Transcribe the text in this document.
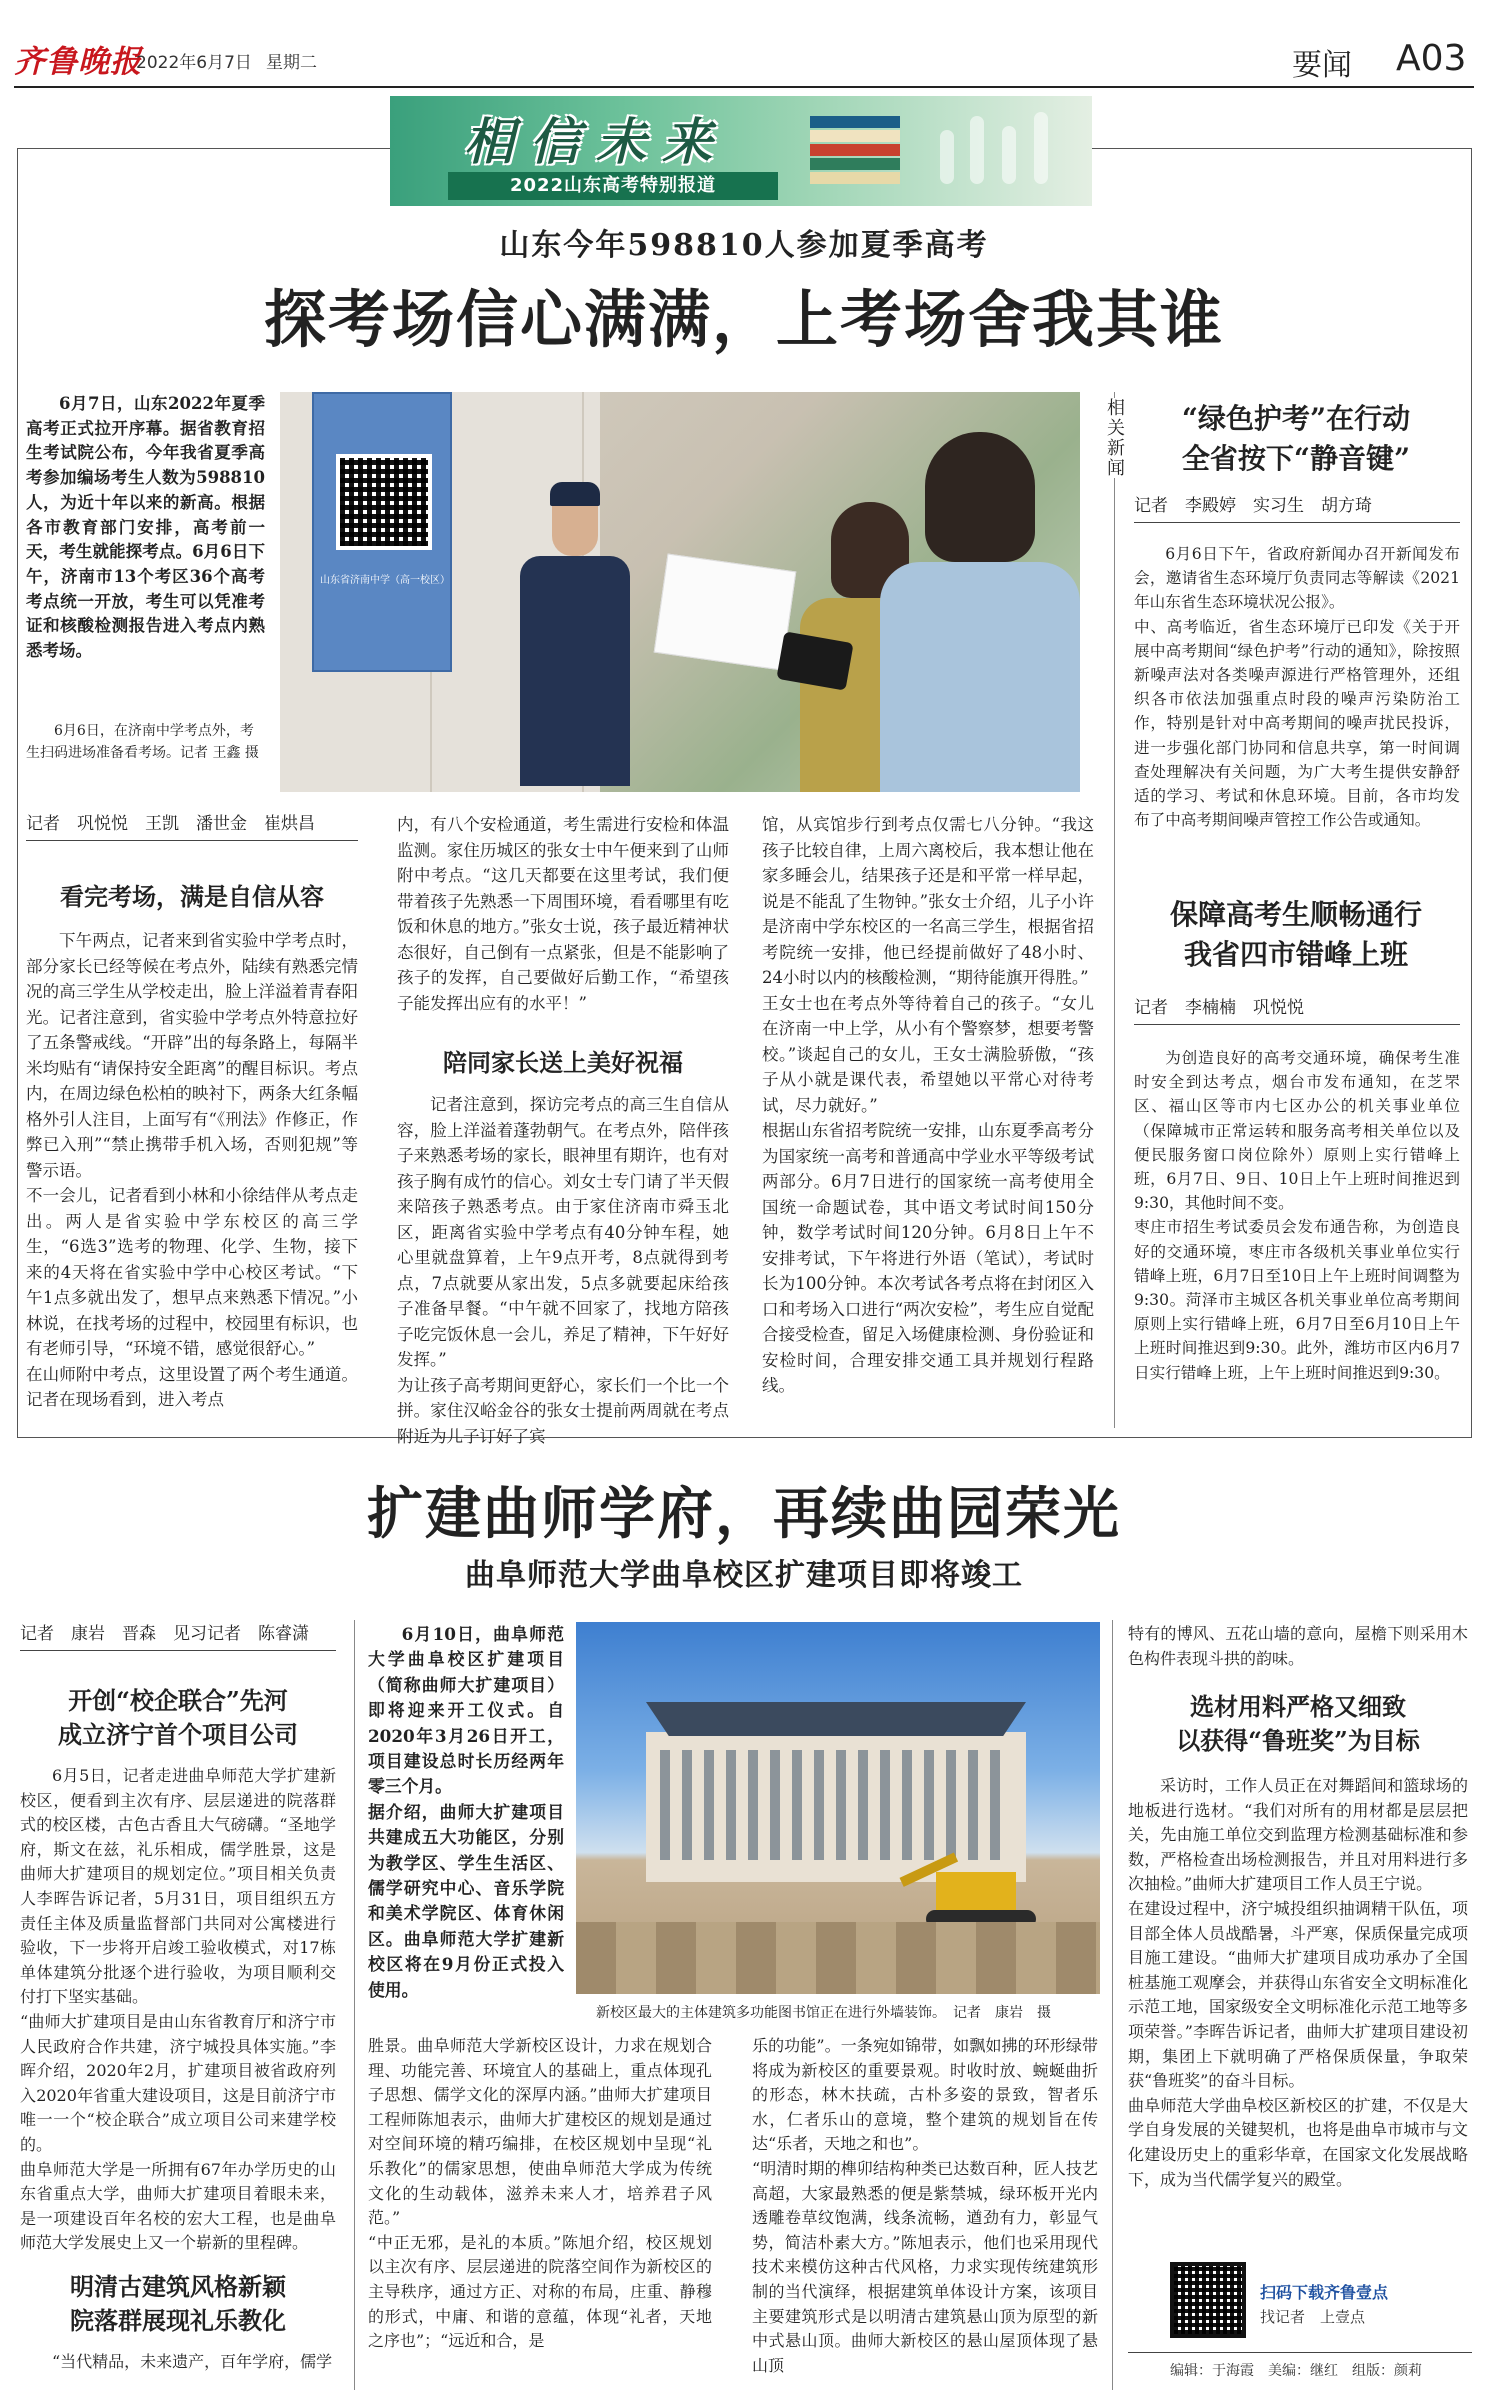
齐鲁晚报
2022年6月7日 星期二	要闻 A03
相信未来
2022山东高考特别报道
山东今年598810人参加夏季高考
探考场信心满满，上考场舍我其谁
6月7日，山东2022年夏季高考正式拉开序幕。据省教育招生考试院公布，今年我省夏季高考参加编场考生人数为598810人，为近十年以来的新高。根据各市教育部门安排，高考前一天，考生就能探考点。6月6日下午，济南市13个考区36个高考考点统一开放，考生可以凭准考证和核酸检测报告进入考点内熟悉考场。
山东省济南中学（高一校区）
6月6日，在济南中学考点外，考生扫码进场准备看考场。记者 王鑫 摄
记者　巩悦悦　王凯　潘世金　崔烘昌
看完考场，满是自信从容
下午两点，记者来到省实验中学考点时，部分家长已经等候在考点外，陆续有熟悉完情况的高三学生从学校走出，脸上洋溢着青春阳光。记者注意到，省实验中学考点外特意拉好了五条警戒线。“开辟”出的每条路上，每隔半米均贴有“请保持安全距离”的醒目标识。考点内，在周边绿色松柏的映衬下，两条大红条幅格外引人注目，上面写有“《刑法》作修正，作弊已入刑”“禁止携带手机入场，否则犯规”等警示语。
不一会儿，记者看到小林和小徐结伴从考点走出。两人是省实验中学东校区的高三学生，“6选3”选考的物理、化学、生物，接下来的4天将在省实验中学中心校区考试。“下午1点多就出发了，想早点来熟悉下情况。”小林说，在找考场的过程中，校园里有标识，也有老师引导，“环境不错，感觉很舒心。”
在山师附中考点，这里设置了两个考生通道。记者在现场看到，进入考点
内，有八个安检通道，考生需进行安检和体温监测。家住历城区的张女士中午便来到了山师附中考点。“这几天都要在这里考试，我们便带着孩子先熟悉一下周围环境，看看哪里有吃饭和休息的地方。”张女士说，孩子最近精神状态很好，自己倒有一点紧张，但是不能影响了孩子的发挥，自己要做好后勤工作，“希望孩子能发挥出应有的水平！”
陪同家长送上美好祝福
记者注意到，探访完考点的高三生自信从容，脸上洋溢着蓬勃朝气。在考点外，陪伴孩子来熟悉考场的家长，眼神里有期许，也有对孩子胸有成竹的信心。刘女士专门请了半天假来陪孩子熟悉考点。由于家住济南市舜玉北区，距离省实验中学考点有40分钟车程，她心里就盘算着，上午9点开考，8点就得到考点，7点就要从家出发，5点多就要起床给孩子准备早餐。“中午就不回家了，找地方陪孩子吃完饭休息一会儿，养足了精神，下午好好发挥。”
为让孩子高考期间更舒心，家长们一个比一个拼。家住汉峪金谷的张女士提前两周就在考点附近为儿子订好了宾
馆，从宾馆步行到考点仅需七八分钟。“我这孩子比较自律，上周六离校后，我本想让他在家多睡会儿，结果孩子还是和平常一样早起，说是不能乱了生物钟。”张女士介绍，儿子小许是济南中学东校区的一名高三学生，根据省招考院统一安排，他已经提前做好了48小时、24小时以内的核酸检测，“期待能旗开得胜。”
王女士也在考点外等待着自己的孩子。“女儿在济南一中上学，从小有个警察梦，想要考警校。”谈起自己的女儿，王女士满脸骄傲，“孩子从小就是课代表，希望她以平常心对待考试，尽力就好。”
根据山东省招考院统一安排，山东夏季高考分为国家统一高考和普通高中学业水平等级考试两部分。6月7日进行的国家统一高考使用全国统一命题试卷，其中语文考试时间150分钟，数学考试时间120分钟。6月8日上午不安排考试，下午将进行外语（笔试），考试时长为100分钟。本次考试各考点将在封闭区入口和考场入口进行“两次安检”，考生应自觉配合接受检查，留足入场健康检测、身份验证和安检时间，合理安排交通工具并规划行程路线。
相关新闻	“绿色护考”在行动
全省按下“静音键”
记者　李殿婷　实习生　胡方琦
6月6日下午，省政府新闻办召开新闻发布会，邀请省生态环境厅负责同志等解读《2021年山东省生态环境状况公报》。
中、高考临近，省生态环境厅已印发《关于开展中高考期间“绿色护考”行动的通知》，除按照新噪声法对各类噪声源进行严格管理外，还组织各市依法加强重点时段的噪声污染防治工作，特别是针对中高考期间的噪声扰民投诉，进一步强化部门协同和信息共享，第一时间调查处理解决有关问题，为广大考生提供安静舒适的学习、考试和休息环境。目前，各市均发布了中高考期间噪声管控工作公告或通知。
保障高考生顺畅通行
我省四市错峰上班
记者　李楠楠　巩悦悦
为创造良好的高考交通环境，确保考生准时安全到达考点，烟台市发布通知，在芝罘区、福山区等市内七区办公的机关事业单位（保障城市正常运转和服务高考相关单位以及便民服务窗口岗位除外）原则上实行错峰上班，6月7日、9日、10日上午上班时间推迟到9:30，其他时间不变。
枣庄市招生考试委员会发布通告称，为创造良好的交通环境，枣庄市各级机关事业单位实行错峰上班，6月7日至10日上午上班时间调整为9:30。菏泽市主城区各机关事业单位高考期间原则上实行错峰上班，6月7日至6月10日上午上班时间推迟到9:30。此外，潍坊市区内6月7日实行错峰上班，上午上班时间推迟到9:30。
扩建曲师学府，再续曲园荣光
曲阜师范大学曲阜校区扩建项目即将竣工
记者　康岩　晋森　见习记者　陈睿潇
开创“校企联合”先河
成立济宁首个项目公司
6月5日，记者走进曲阜师范大学扩建新校区，便看到主次有序、层层递进的院落群式的校区楼，古色古香且大气磅礴。“圣地学府，斯文在兹，礼乐相成，儒学胜景，这是曲师大扩建项目的规划定位。”项目相关负责人李晖告诉记者，5月31日，项目组织五方责任主体及质量监督部门共同对公寓楼进行验收，下一步将开启竣工验收模式，对17栋单体建筑分批逐个进行验收，为项目顺利交付打下坚实基础。
“曲师大扩建项目是由山东省教育厅和济宁市人民政府合作共建，济宁城投具体实施。”李晖介绍，2020年2月，扩建项目被省政府列入2020年省重大建设项目，这是目前济宁市唯一一个“校企联合”成立项目公司来建学校的。
曲阜师范大学是一所拥有67年办学历史的山东省重点大学，曲师大扩建项目着眼未来，是一项建设百年名校的宏大工程，也是曲阜师范大学发展史上又一个崭新的里程碑。
明清古建筑风格新颖
院落群展现礼乐教化
“当代精品，未来遗产，百年学府，儒学
6月10日，曲阜师范大学曲阜校区扩建项目（简称曲师大扩建项目）即将迎来开工仪式。自2020年3月26日开工，项目建设总时长历经两年零三个月。
据介绍，曲师大扩建项目共建成五大功能区，分别为教学区、学生生活区、儒学研究中心、音乐学院和美术学院区、体育休闲区。曲阜师范大学扩建新校区将在9月份正式投入使用。
新校区最大的主体建筑多功能图书馆正在进行外墙装饰。　记者　康岩　摄
胜景。曲阜师范大学新校区设计，力求在规划合理、功能完善、环境宜人的基础上，重点体现孔子思想、儒学文化的深厚内涵。”曲师大扩建项目工程师陈旭表示，曲师大扩建校区的规划是通过对空间环境的精巧编排，在校区规划中呈现“礼乐教化”的儒家思想，使曲阜师范大学成为传统文化的生动载体，滋养未来人才，培养君子风范。”
“中正无邪，是礼的本质。”陈旭介绍，校区规划以主次有序、层层递进的院落空间作为新校区的主导秩序，通过方正、对称的布局，庄重、静穆的形式，中庸、和谐的意蕴，体现“礼者，天地之序也”；“远近和合，是
乐的功能”。一条宛如锦带，如飘如拂的环形绿带将成为新校区的重要景观。时收时放、蜿蜒曲折的形态，林木扶疏，古朴多姿的景致，智者乐水，仁者乐山的意境，整个建筑的规划旨在传达“乐者，天地之和也”。
“明清时期的榫卯结构种类已达数百种，匠人技艺高超，大家最熟悉的便是紫禁城，绿环板开光内透雕卷草纹饱满，线条流畅，遒劲有力，彰显气势，简洁朴素大方。”陈旭表示，他们也采用现代技术来模仿这种古代风格，力求实现传统建筑形制的当代演绎，根据建筑单体设计方案，该项目主要建筑形式是以明清古建筑悬山顶为原型的新中式悬山顶。曲师大新校区的悬山屋顶体现了悬山顶
特有的博风、五花山墙的意向，屋檐下则采用木色构件表现斗拱的韵味。
选材用料严格又细致
以获得“鲁班奖”为目标
采访时，工作人员正在对舞蹈间和篮球场的地板进行选材。“我们对所有的用材都是层层把关，先由施工单位交到监理方检测基础标准和参数，严格检查出场检测报告，并且对用料进行多次抽检。”曲师大扩建项目工作人员王宁说。
在建设过程中，济宁城投组织抽调精干队伍，项目部全体人员战酷暑，斗严寒，保质保量完成项目施工建设。“曲师大扩建项目成功承办了全国桩基施工观摩会，并获得山东省安全文明标准化示范工地，国家级安全文明标准化示范工地等多项荣誉。”李晖告诉记者，曲师大扩建项目建设初期，集团上下就明确了严格保质保量，争取荣获“鲁班奖”的奋斗目标。
曲阜师范大学曲阜校区新校区的扩建，不仅是大学自身发展的关键契机，也将是曲阜市城市与文化建设历史上的重彩华章，在国家文化发展战略下，成为当代儒学复兴的殿堂。
扫码下载齐鲁壹点
找记者　上壹点
编辑：于海霞　美编：继红　组版：颜莉
